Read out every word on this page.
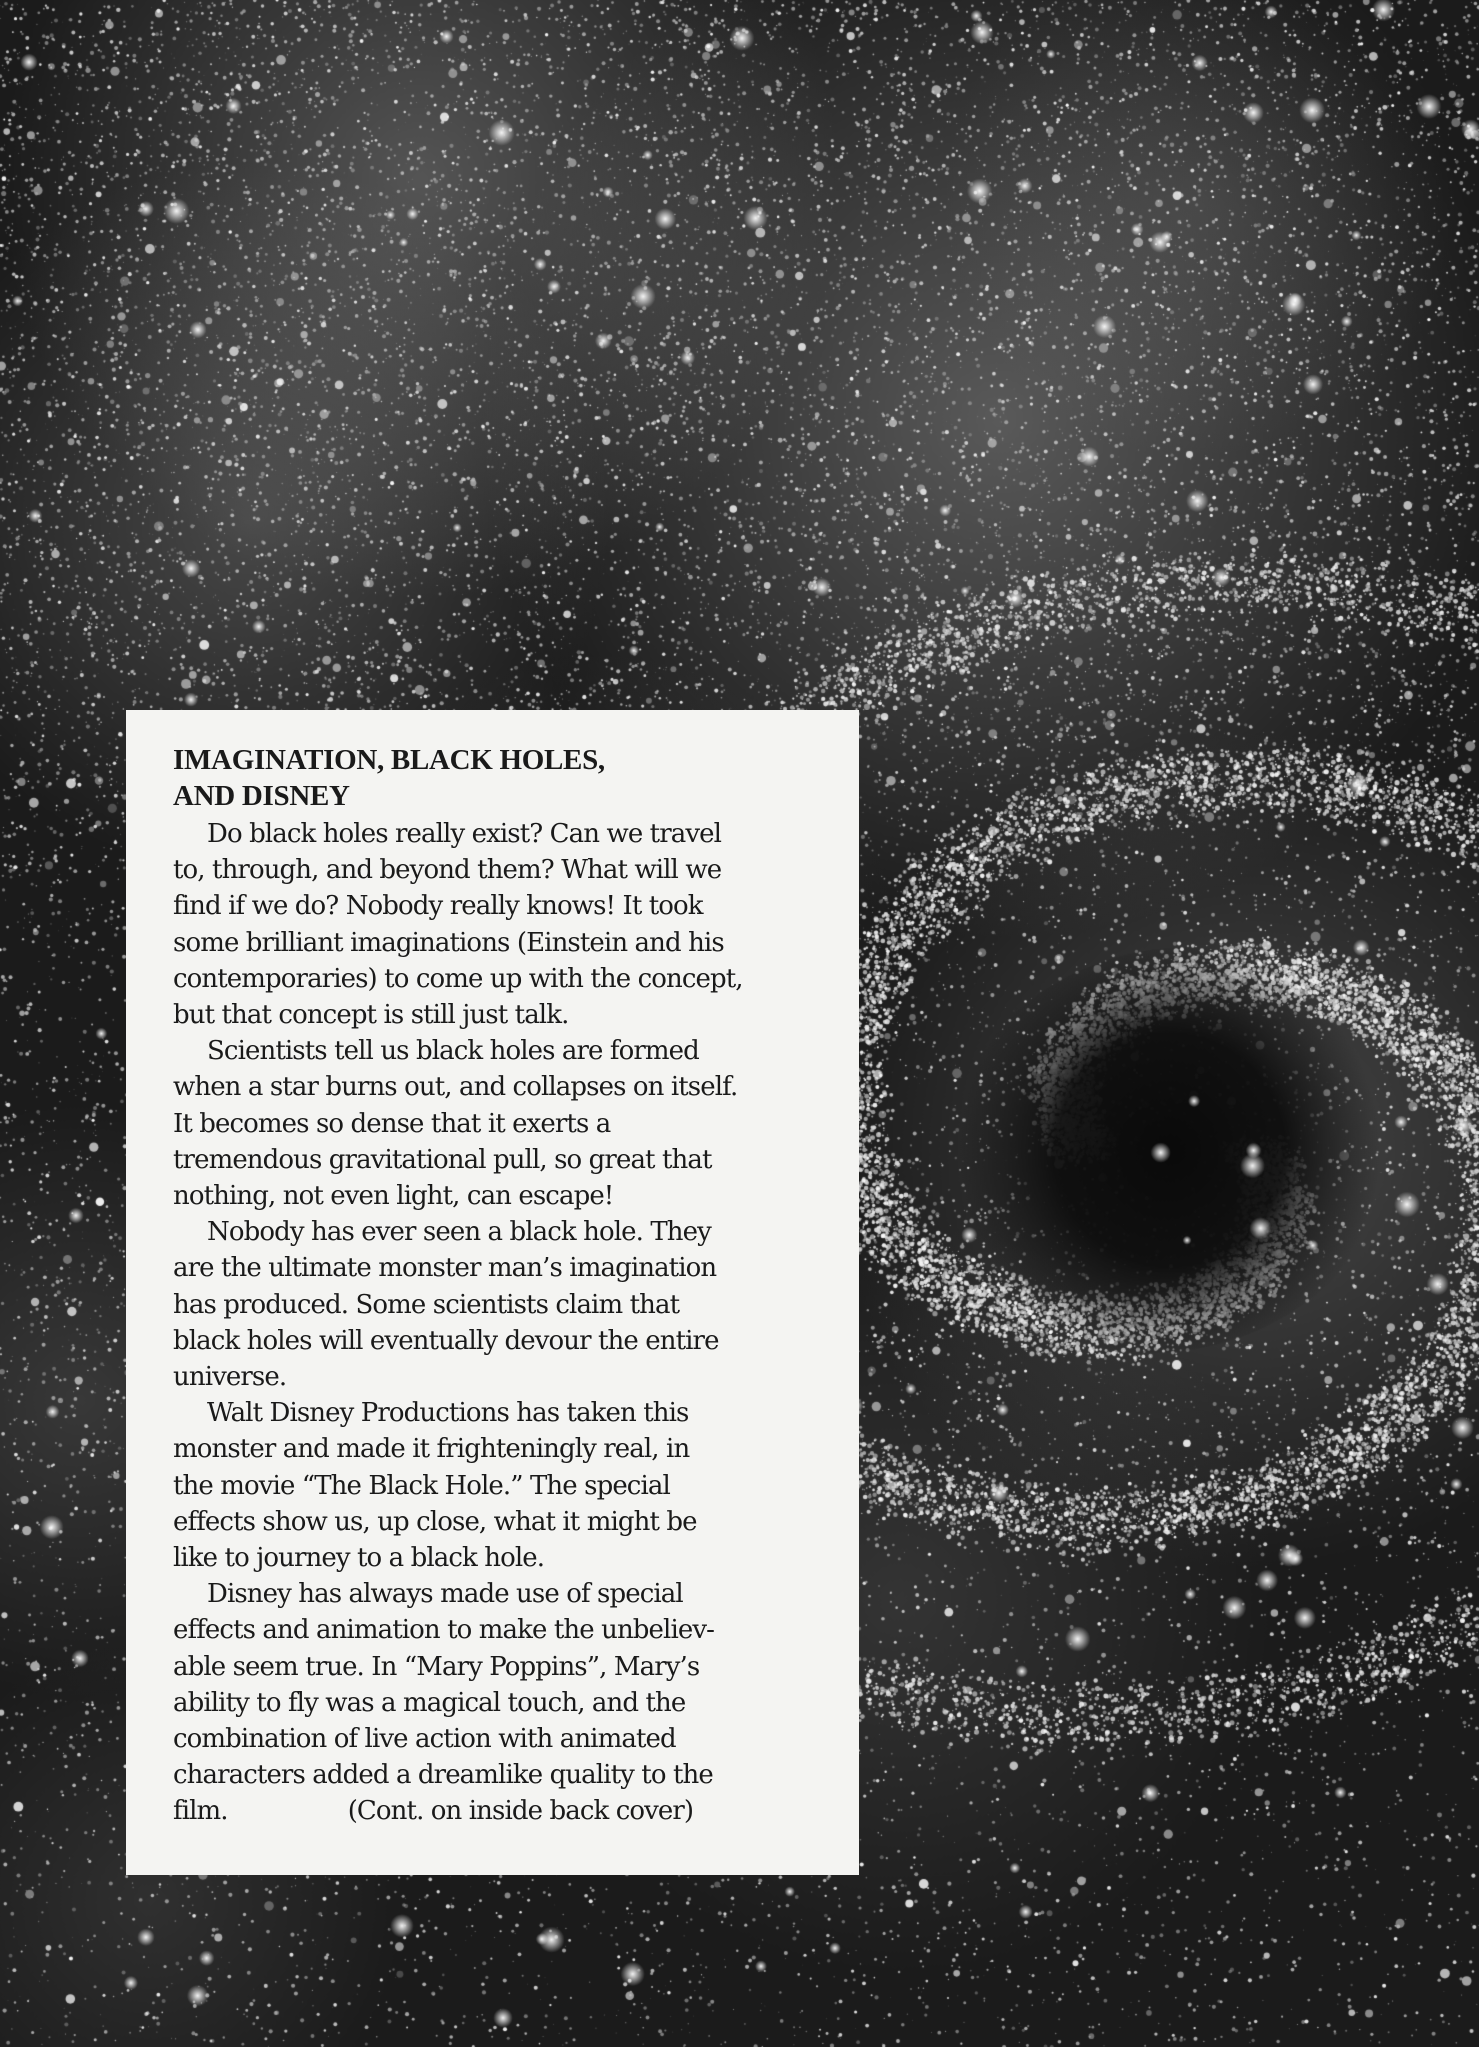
IMAGINATION, BLACK HOLES,
AND DISNEY
Do black holes really exist? Can we travel
to, through, and beyond them? What will we
find if we do? Nobody really knows! It took
some brilliant imaginations (Einstein and his
contemporaries) to come up with the concept,
but that concept is still just talk.
Scientists tell us black holes are formed
when a star burns out, and collapses on itself.
It becomes so dense that it exerts a
tremendous gravitational pull, so great that
nothing, not even light, can escape!
Nobody has ever seen a black hole. They
are the ultimate monster man’s imagination
has produced. Some scientists claim that
black holes will eventually devour the entire
universe.
Walt Disney Productions has taken this
monster and made it frighteningly real, in
the movie “The Black Hole.” The special
effects show us, up close, what it might be
like to journey to a black hole.
Disney has always made use of special
effects and animation to make the unbeliev-
able seem true. In “Mary Poppins”, Mary’s
ability to fly was a magical touch, and the
combination of live action with animated
characters added a dreamlike quality to the
film.	(Cont. on inside back cover)
